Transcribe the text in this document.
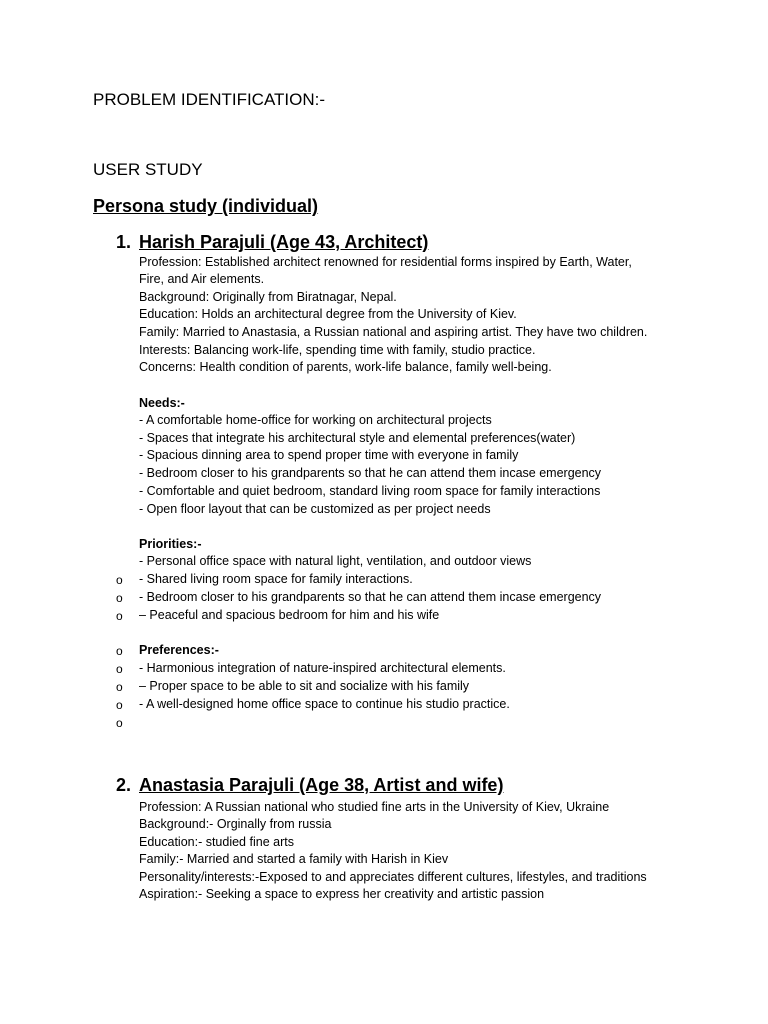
PROBLEM IDENTIFICATION:-
USER STUDY
Persona study (individual)
1. Harish Parajuli (Age 43, Architect)
Profession: Established architect renowned for residential forms inspired by Earth, Water,
Fire, and Air elements.
Background: Originally from Biratnagar, Nepal.
Education: Holds an architectural degree from the University of Kiev.
Family: Married to Anastasia, a Russian national and aspiring artist. They have two children.
Interests: Balancing work-life, spending time with family, studio practice.
Concerns: Health condition of parents, work-life balance, family well-being.
Needs:-
- A comfortable home-office for working on architectural projects
- Spaces that integrate his architectural style and elemental preferences(water)
- Spacious dinning area to spend proper time with everyone in family
- Bedroom closer to his grandparents so that he can attend them incase emergency
- Comfortable and quiet bedroom, standard living room space for family interactions
- Open floor layout that can be customized as per project needs
Priorities:-
- Personal office space with natural light, ventilation, and outdoor views
o - Shared living room space for family interactions.
o - Bedroom closer to his grandparents so that he can attend them incase emergency
o – Peaceful and spacious bedroom for him and his wife
o Preferences:-
o - Harmonious integration of nature-inspired architectural elements.
o – Proper space to be able to sit and socialize with his family
o - A well-designed home office space to continue his studio practice.
o
2. Anastasia Parajuli (Age 38, Artist and wife)
Profession: A Russian national who studied fine arts in the University of Kiev, Ukraine
Background:- Orginally from russia
Education:- studied fine arts
Family:- Married and started a family with Harish in Kiev
Personality/interests:-Exposed to and appreciates different cultures, lifestyles, and traditions
Aspiration:- Seeking a space to express her creativity and artistic passion
